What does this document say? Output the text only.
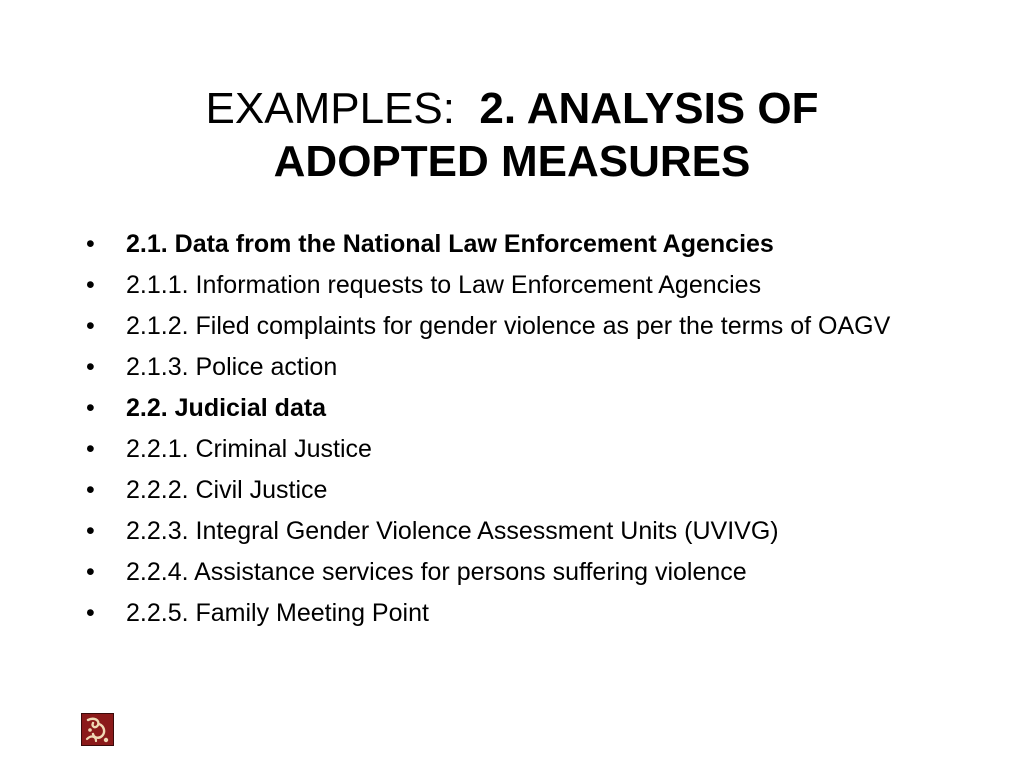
EXAMPLES: 2. ANALYSIS OF
ADOPTED MEASURES
•	2.1. Data from the National Law Enforcement Agencies
•	2.1.1. Information requests to Law Enforcement Agencies
•	2.1.2. Filed complaints for gender violence as per the terms of OAGV
•	2.1.3. Police action
•	2.2. Judicial data
•	2.2.1. Criminal Justice
•	2.2.2. Civil Justice
•	2.2.3. Integral Gender Violence Assessment Units (UVIVG)
•	2.2.4. Assistance services for persons suffering violence
•	2.2.5. Family Meeting Point
